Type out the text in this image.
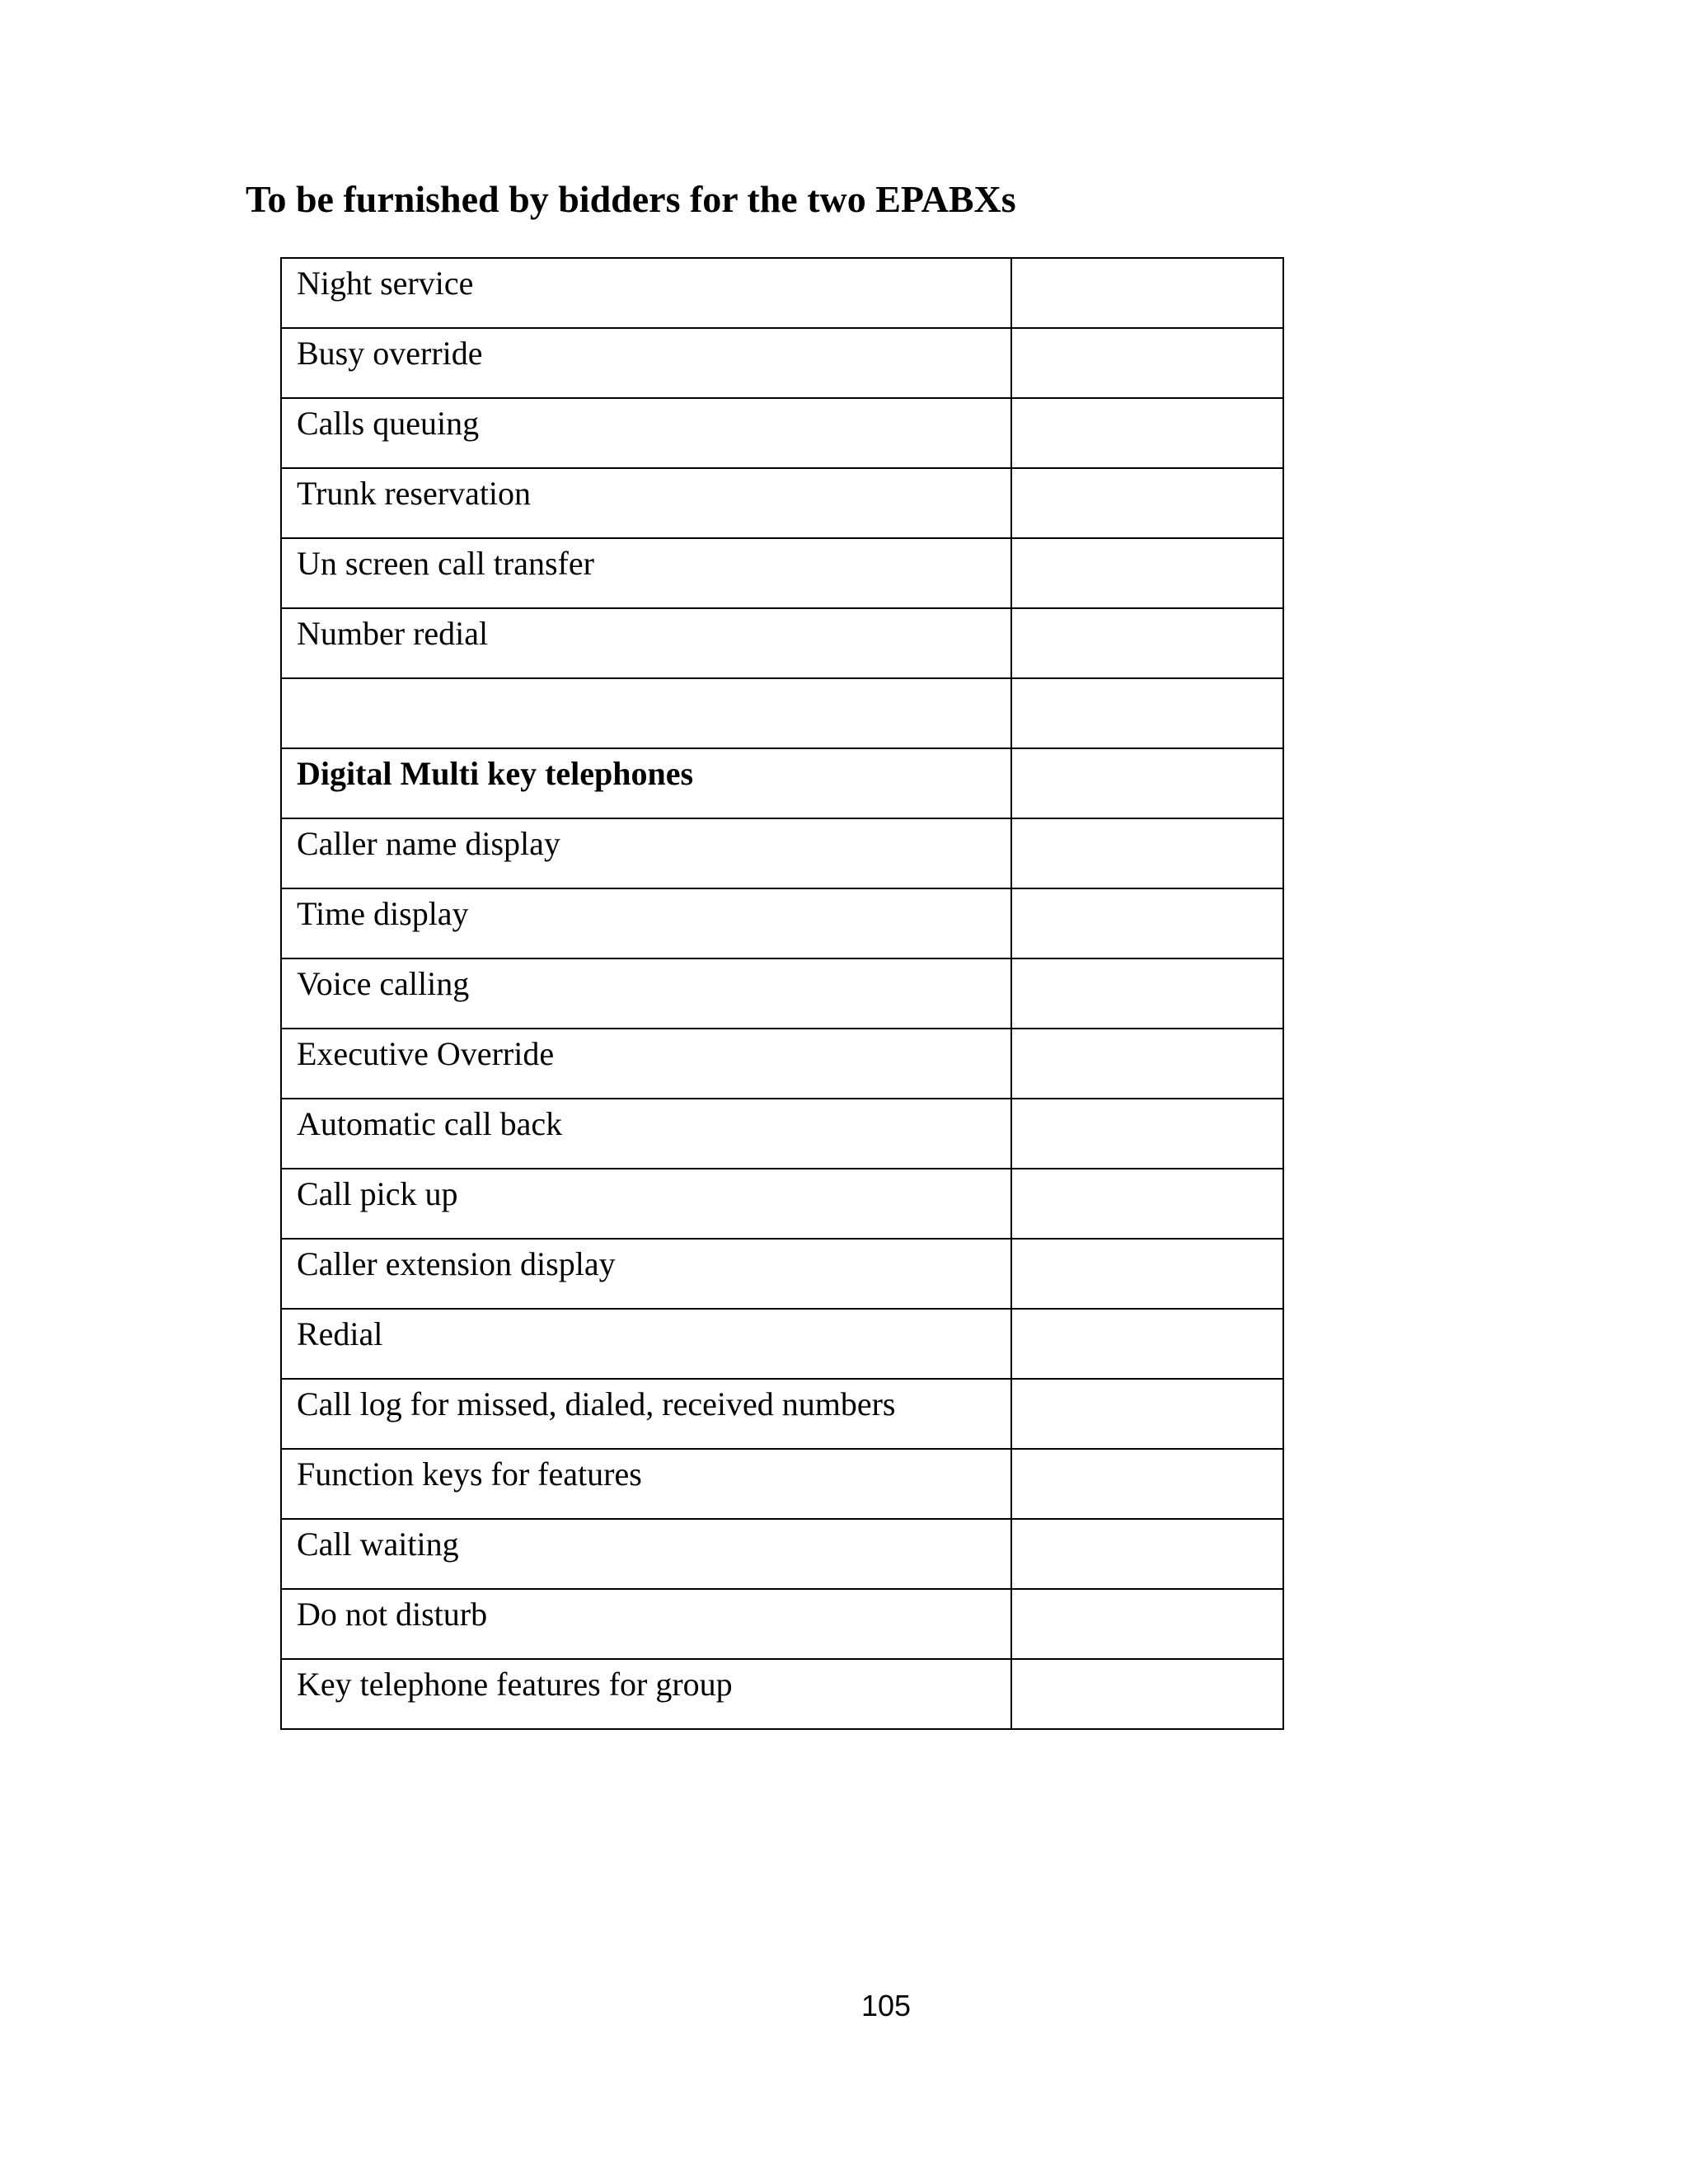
To be furnished by bidders for the two EPABXs
Night service	

Busy override	

Calls queuing	

Trunk reservation	

Un screen call transfer	

Number redial	

Digital Multi key telephones	

Caller name display	

Time display	

Voice calling	

Executive Override	

Automatic call back	

Call pick up	

Caller extension display	

Redial	

Call log for missed, dialed, received numbers	

Function keys for features	

Call waiting	

Do not disturb	

Key telephone features for group	

105
